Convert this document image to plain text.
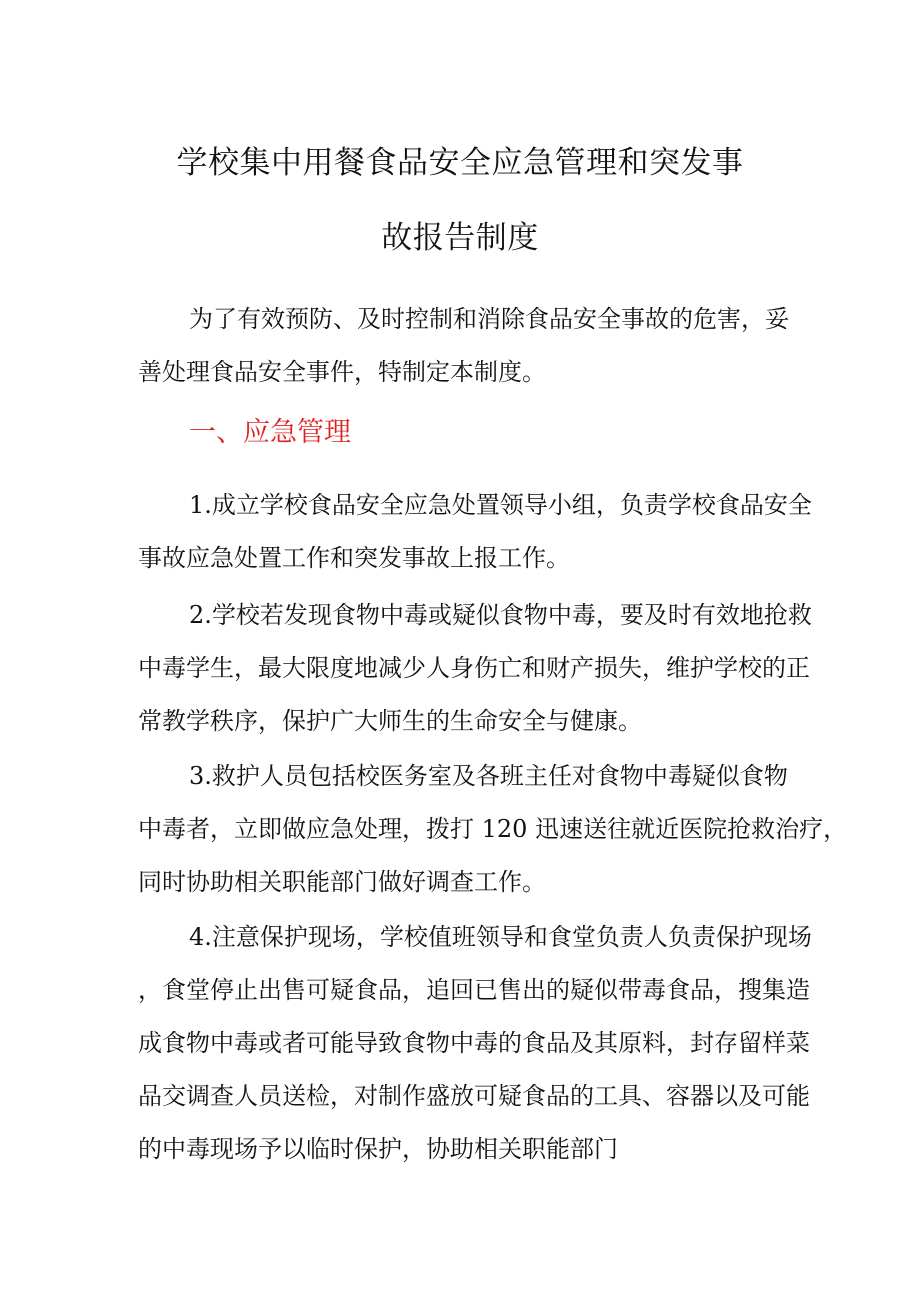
学校集中用餐食品安全应急管理和突发事
故报告制度
为了有效预防、及时控制和消除食品安全事故的危害，妥
善处理食品安全事件，特制定本制度。
一、应急管理
1.成立学校食品安全应急处置领导小组，负责学校食品安全
事故应急处置工作和突发事故上报工作。
2.学校若发现食物中毒或疑似食物中毒，要及时有效地抢救
中毒学生，最大限度地减少人身伤亡和财产损失，维护学校的正
常教学秩序，保护广大师生的生命安全与健康。
3.救护人员包括校医务室及各班主任对食物中毒疑似食物
中毒者，立即做应急处理，拨打 120 迅速送往就近医院抢救治疗，
同时协助相关职能部门做好调查工作。
4.注意保护现场，学校值班领导和食堂负责人负责保护现场
，食堂停止出售可疑食品，追回已售出的疑似带毒食品，搜集造
成食物中毒或者可能导致食物中毒的食品及其原料，封存留样菜
品交调查人员送检，对制作盛放可疑食品的工具、容器以及可能
的中毒现场予以临时保护，协助相关职能部门
